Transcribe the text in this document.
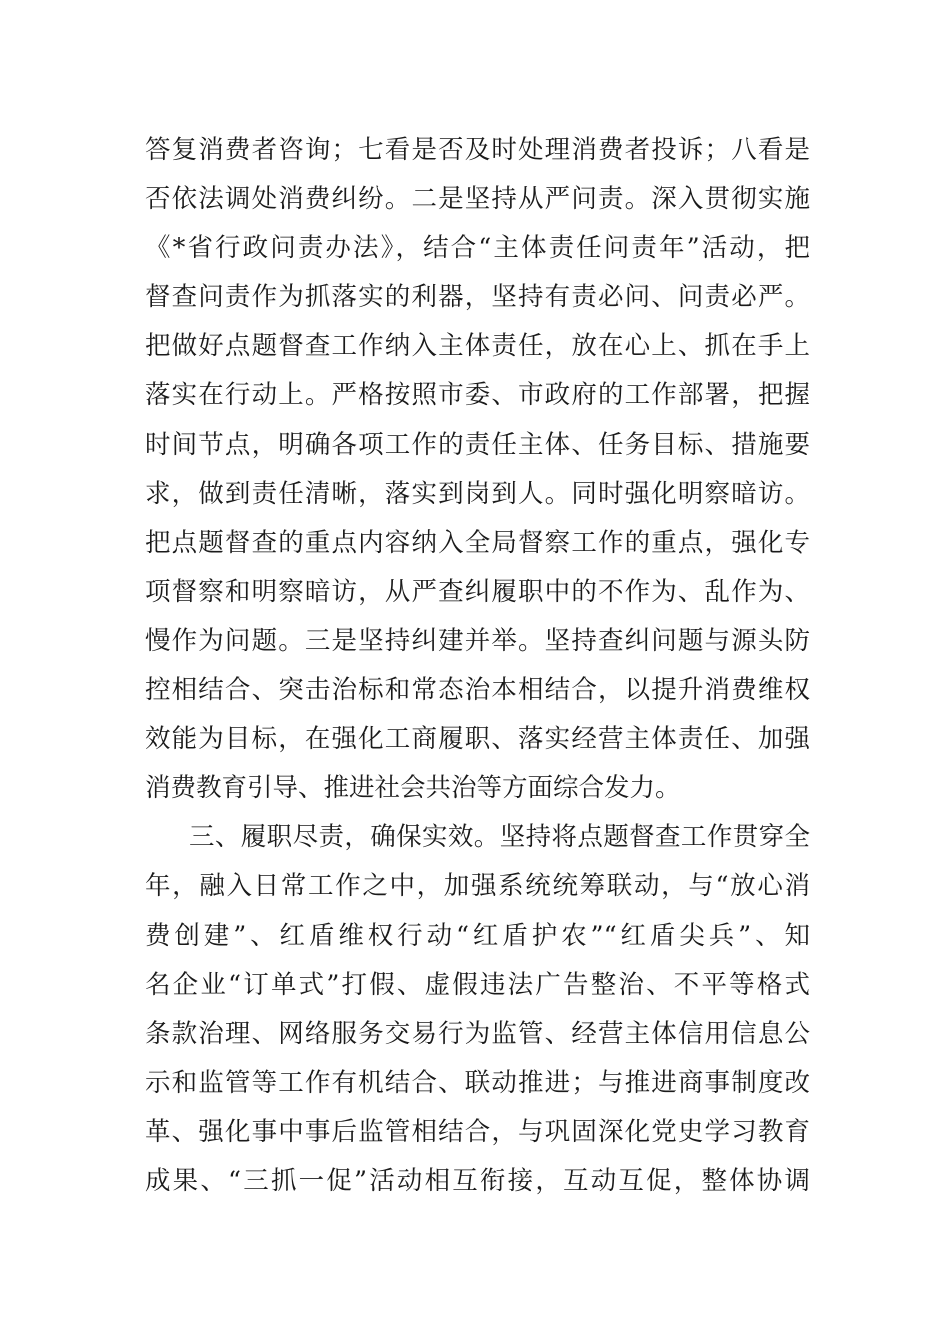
答复消费者咨询；七看是否及时处理消费者投诉；八看是
否依法调处消费纠纷。二是坚持从严问责。深入贯彻实施
《*省行政问责办法》，结合“主体责任问责年”活动，把
督查问责作为抓落实的利器，坚持有责必问、问责必严。
把做好点题督查工作纳入主体责任，放在心上、抓在手上
落实在行动上。严格按照市委、市政府的工作部署，把握
时间节点，明确各项工作的责任主体、任务目标、措施要
求，做到责任清晰，落实到岗到人。同时强化明察暗访。
把点题督查的重点内容纳入全局督察工作的重点，强化专
项督察和明察暗访，从严查纠履职中的不作为、乱作为、
慢作为问题。三是坚持纠建并举。坚持查纠问题与源头防
控相结合、突击治标和常态治本相结合，以提升消费维权
效能为目标，在强化工商履职、落实经营主体责任、加强
消费教育引导、推进社会共治等方面综合发力。
三、履职尽责，确保实效。坚持将点题督查工作贯穿全
年，融入日常工作之中，加强系统统筹联动，与“放心消
费创建”、红盾维权行动“红盾护农”“红盾尖兵”、知
名企业“订单式”打假、虚假违法广告整治、不平等格式
条款治理、网络服务交易行为监管、经营主体信用信息公
示和监管等工作有机结合、联动推进；与推进商事制度改
革、强化事中事后监管相结合，与巩固深化党史学习教育
成果、“三抓一促”活动相互衔接，互动互促，整体协调
